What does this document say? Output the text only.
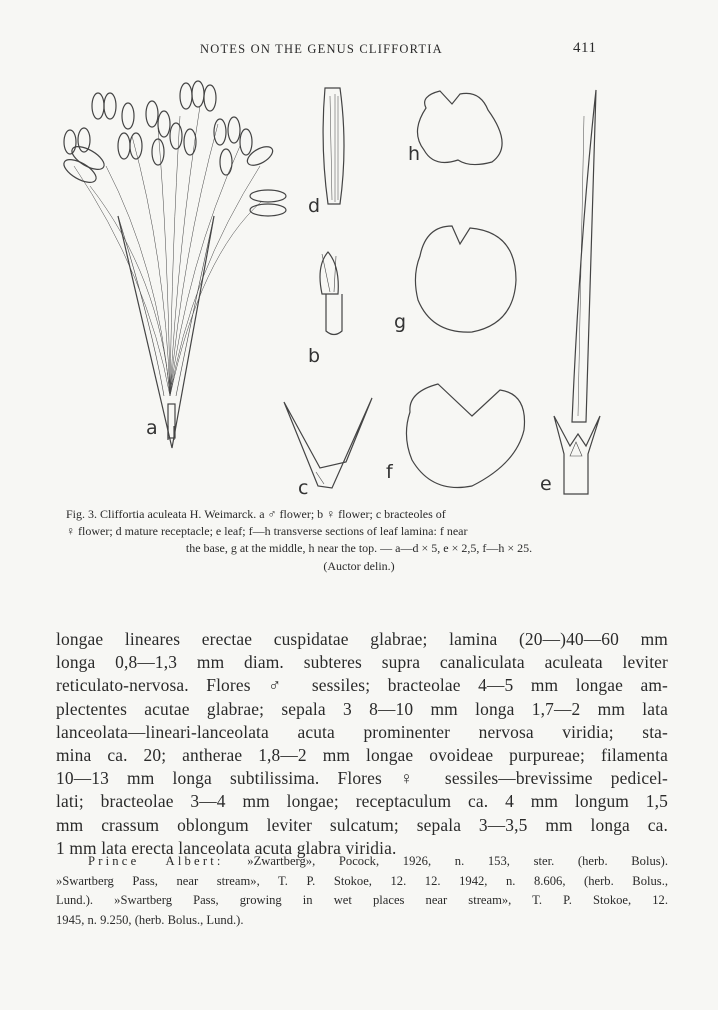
NOTES ON THE GENUS CLIFFORTIA	411
a
b
c
d
e
f
g
h
Fig. 3. Cliffortia aculeata H. Weimarck. a ♂ flower; b ♀ flower; c bracteoles of
♀ flower; d mature receptacle; e leaf; f—h transverse sections of leaf lamina: f near
the base, g at the middle, h near the top. — a—d × 5, e × 2,5, f—h × 25.
(Auctor delin.)
longae lineares erectae cuspidatae glabrae; lamina (20—)40—60 mm
longa 0,8—1,3 mm diam. subteres supra canaliculata aculeata leviter
reticulato-nervosa. Flores ♂ sessiles; bracteolae 4—5 mm longae am-
plectentes acutae glabrae; sepala 3 8—10 mm longa 1,7—2 mm lata
lanceolata—lineari-lanceolata acuta prominenter nervosa viridia; sta-
mina ca. 20; antherae 1,8—2 mm longae ovoideae purpureae; filamenta
10—13 mm longa subtilissima. Flores ♀ sessiles—brevissime pedicel-
lati; bracteolae 3—4 mm longae; receptaculum ca. 4 mm longum 1,5
mm crassum oblongum leviter sulcatum; sepala 3—3,5 mm longa ca.
1 mm lata erecta lanceolata acuta glabra viridia.
Prince Albert: »Zwartberg», Pocock, 1926, n. 153, ster. (herb. Bolus).
»Swartberg Pass, near stream», T. P. Stokoe, 12. 12. 1942, n. 8.606, (herb. Bolus.,
Lund.). »Swartberg Pass, growing in wet places near stream», T. P. Stokoe, 12.
1945, n. 9.250, (herb. Bolus., Lund.).
